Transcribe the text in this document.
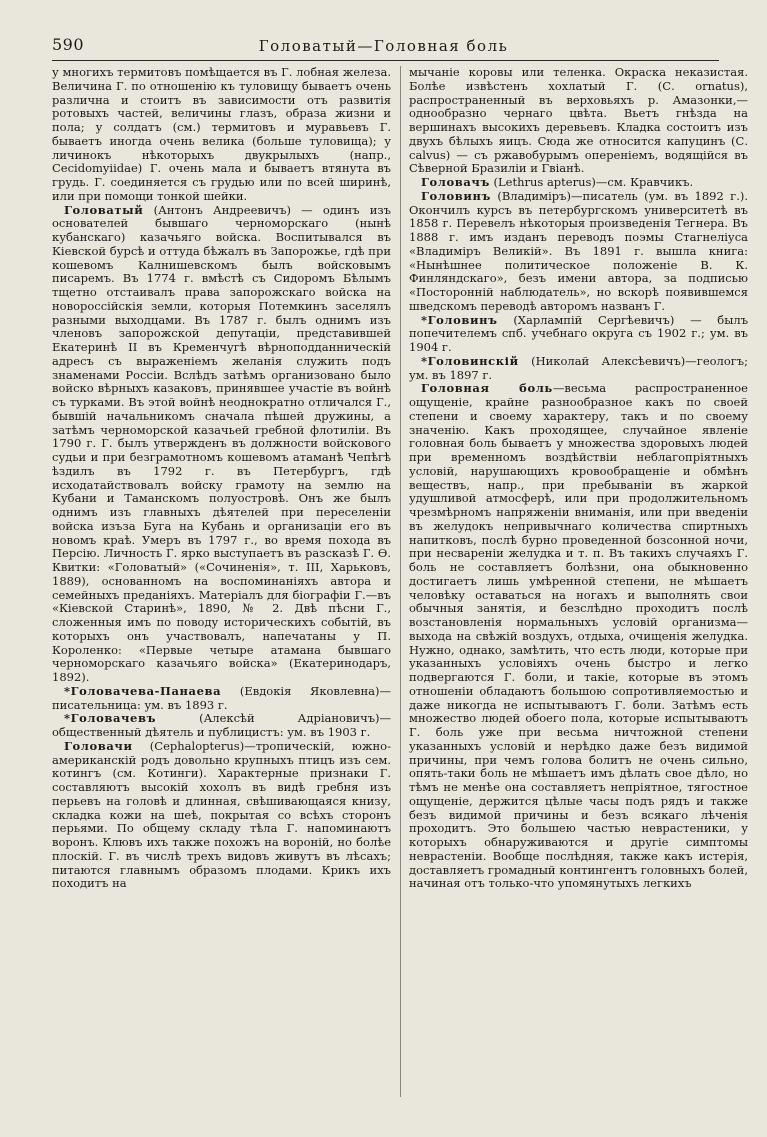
590	Головатый—Головная боль

у многихъ термитовъ помѣщается въ Г. лобная железа. Величина Г. по отношенію къ туловищу бываетъ очень различна и стоитъ въ зависимости отъ развитія ротовыхъ частей, величины глазъ, образа жизни и пола; у солдатъ (см.) термитовъ и муравьевъ Г. бываетъ иногда очень велика (больше туловища); у личинокъ нѣкоторыхъ двукрылыхъ (напр., Cecidomyiidae) Г. очень мала и бываетъ втянута въ грудь. Г. соединяется съ грудью или по всей ширинѣ, или при помощи тонкой шейки.

Головатый (Антонъ Андреевичъ) — одинъ изъ основателей бывшаго черноморскаго (нынѣ кубанскаго) казачьяго войска. Воспитывался въ Кіевской бурсѣ и оттуда бѣжалъ въ Запорожье, гдѣ при кошевомъ Калнишевскомъ былъ войсковымъ писаремъ. Въ 1774 г. вмѣстѣ съ Сидоромъ Бѣлымъ тщетно отстаивалъ права запорожскаго войска на новороссійскія земли, которыя Потемкинъ заселялъ разными выходцами. Въ 1787 г. былъ однимъ изъ членовъ запорожской депутаціи, представившей Екатеринѣ II въ Кременчугѣ вѣрноподданническій адресъ съ выраженіемъ желанія служить подъ знаменами Россіи. Вслѣдъ затѣмъ организовано было войско вѣрныхъ казаковъ, принявшее участіе въ войнѣ съ турками. Въ этой войнѣ неоднократно отличался Г., бывшій начальникомъ сначала пѣшей дружины, а затѣмъ черноморской казачьей гребной флотиліи. Въ 1790 г. Г. былъ утвержденъ въ должности войскового судьи и при безграмотномъ кошевомъ атаманѣ Чепѣгѣ ѣздилъ въ 1792 г. въ Петербургъ, гдѣ исходатайствовалъ войску грамоту на землю на Кубани и Таманскомъ полуостровѣ. Онъ же былъ однимъ изъ главныхъ дѣятелей при переселеніи войска изъза Буга на Кубань и организаціи его въ новомъ краѣ. Умеръ въ 1797 г., во время похода въ Персію. Личность Г. ярко выступаетъ въ разсказѣ Г. Ѳ. Квитки: «Головатый» («Сочиненія», т. III, Харьковъ, 1889), основанномъ на воспоминаніяхъ автора и семейныхъ преданіяхъ. Матеріалъ для біографіи Г.—въ «Кіевской Старинѣ», 1890, № 2. Двѣ пѣсни Г., сложенныя имъ по поводу историческихъ событій, въ которыхъ онъ участвовалъ, напечатаны у П. Короленко: «Первые четыре атамана бывшаго черноморскаго казачьяго войска» (Екатеринодаръ, 1892).

*Головачева-Панаева (Евдокія Яковлевна)—писательница: ум. въ 1893 г.

*Головачевъ	(Алексѣй Адріановичъ)—общественный дѣятель и публицистъ: ум. въ 1903 г.

Головачи (Cephalopterus)—тропическій, южно-американскій родъ довольно крупныхъ птицъ изъ сем. котингъ (см. Котинги). Характерные признаки Г. составляютъ высокій хохолъ въ видѣ гребня изъ перьевъ на головѣ и длинная, свѣшивающаяся книзу, складка кожи на шеѣ, покрытая со всѣхъ сторонъ перьями. По общему складу тѣла Г. напоминаютъ воронъ. Клювъ ихъ также похожъ на вороній, но болѣе плоскій. Г. въ числѣ трехъ видовъ живутъ въ лѣсахъ; питаются главнымъ образомъ плодами. Крикъ ихъ походитъ на

мычаніе коровы или теленка. Окраска неказистая. Болѣе извѣстенъ хохлатый Г. (С. ornatus), распространенный въ верховьяхъ р. Амазонки,—однообразно чернаго цвѣта. Вьетъ гнѣзда на вершинахъ высокихъ деревьевъ. Кладка состоитъ изъ двухъ бѣлыхъ яицъ. Сюда же относится капуцинъ (С. calvus) — съ ржавобурымъ опереніемъ, водящійся въ Сѣверной Бразиліи и Гвіанѣ.

Головачъ (Lethrus apterus)—см. Кравчикъ.

Головинъ (Владиміръ)—писатель (ум. въ 1892 г.). Окончилъ курсъ въ петербургскомъ университетѣ въ 1858 г. Перевелъ нѣкоторыя произведенія Тегнера. Въ 1888 г. имъ изданъ переводъ поэмы Стагнеліуса «Владиміръ Великій». Въ 1891 г. вышла книга: «Нынѣшнее политическое положеніе В. К. Финляндскаго», безъ имени автора, за подписью «Посторонній наблюдатель», но вскорѣ появившемся шведскомъ переводѣ авторомъ названъ Г.

*Головинъ (Харлампій Сергѣевичъ) — былъ попечителемъ спб. учебнаго округа съ 1902 г.; ум. въ 1904 г.

*Головинскій (Николай Алексѣевичъ)—геологъ; ум. въ 1897 г.

Головная боль—весьма распространенное ощущеніе, крайне разнообразное какъ по своей степени и своему характеру, такъ и по своему значенію. Какъ проходящее, случайное явленіе головная боль бываетъ у множества здоровыхъ людей при временномъ воздѣйствіи неблагопріятныхъ условій, нарушающихъ кровообращеніе и обмѣнъ веществъ, напр., при пребываніи въ жаркой удушливой атмосферѣ, или при продолжительномъ чрезмѣрномъ напряженіи вниманія, или при введеніи въ желудокъ непривычнаго количества спиртныхъ напитковъ, послѣ бурно проведенной бозсонной ночи, при несвареніи желудка и т. п. Въ такихъ случаяхъ Г. боль не составляетъ болѣзни, она обыкновенно достигаетъ лишь умѣренной степени, не мѣшаетъ человѣку оставаться на ногахъ и выполнять свои обычныя занятія, и безслѣдно проходитъ послѣ возстановленія нормальныхъ условій организма—выхода на свѣжій воздухъ, отдыха, очищенія желудка. Нужно, однако, замѣтить, что есть люди, которые при указанныхъ условіяхъ очень быстро и легко подвергаются Г. боли, и такіе, которые въ этомъ отношеніи обладаютъ большою сопротивляемостью и даже никогда не испытываютъ Г. боли. Затѣмъ есть множество людей обоего пола, которые испытываютъ Г. боль уже при весьма ничтожной степени указанныхъ условій и нерѣдко даже безъ видимой причины, при чемъ голова болитъ не очень сильно, опять-таки боль не мѣшаетъ имъ дѣлать свое дѣло, но тѣмъ не менѣе она составляетъ непріятное, тягостное ощущеніе, держится цѣлые часы подъ рядъ и также безъ видимой причины и безъ всякаго лѣченія проходитъ. Это большею частью неврастеники, у которыхъ обнаруживаются и другіе симптомы неврастеніи. Вообще послѣдняя, также какъ истерія, доставляетъ громадный контингентъ головныхъ болей, начиная отъ только-что упомянутыхъ легкихъ
